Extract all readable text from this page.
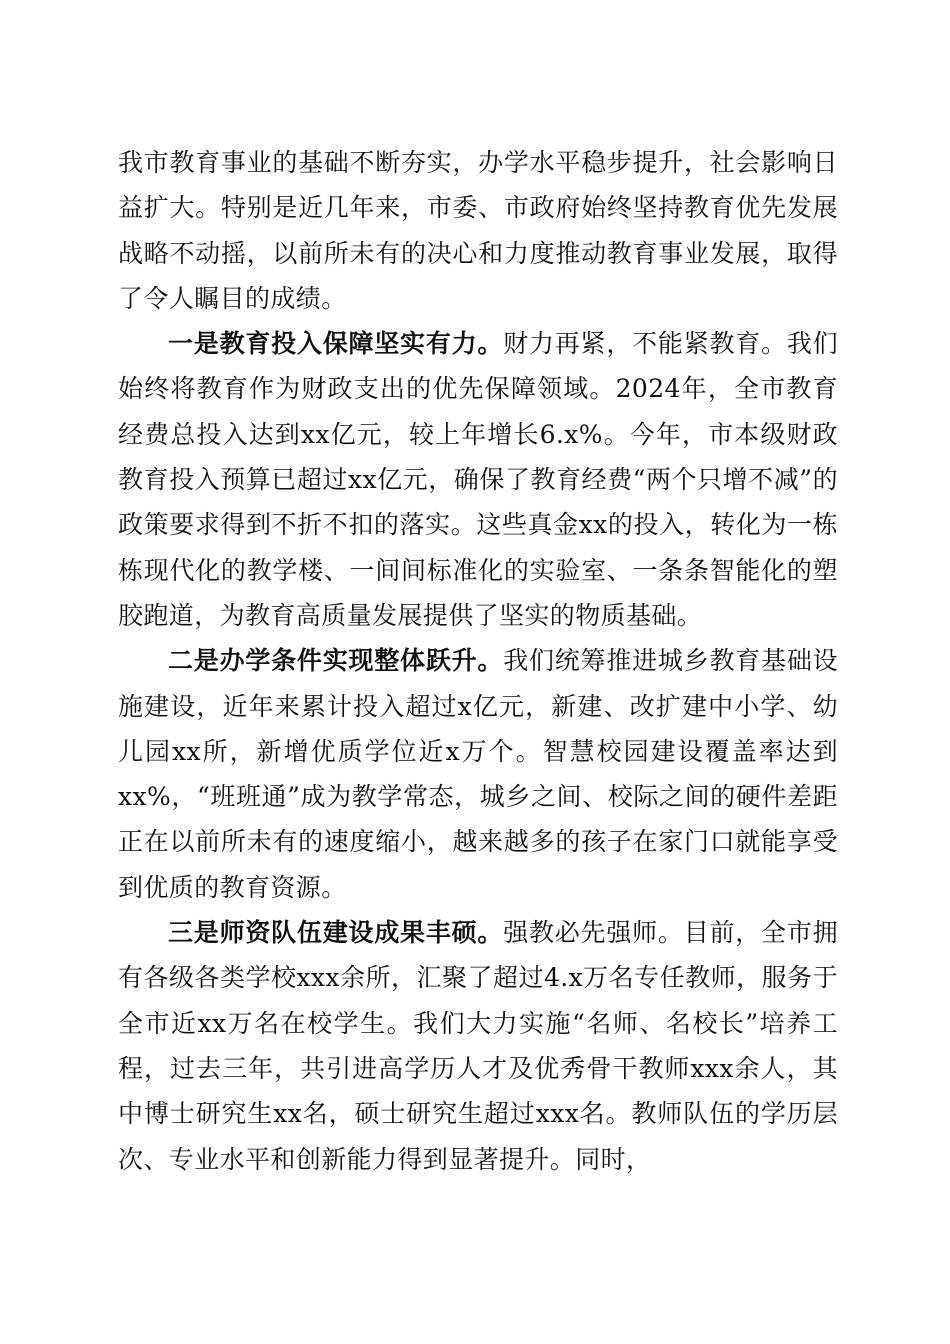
我市教育事业的基础不断夯实，办学水平稳步提升，社会影响日益扩大。特别是近几年来，市委、市政府始终坚持教育优先发展战略不动摇，以前所未有的决心和力度推动教育事业发展，取得了令人瞩目的成绩。

一是教育投入保障坚实有力。财力再紧，不能紧教育。我们始终将教育作为财政支出的优先保障领域。2024年，全市教育经费总投入达到xx亿元，较上年增长6.x%。今年，市本级财政教育投入预算已超过xx亿元，确保了教育经费“两个只增不减”的政策要求得到不折不扣的落实。这些真金xx的投入，转化为一栋栋现代化的教学楼、一间间标准化的实验室、一条条智能化的塑胶跑道，为教育高质量发展提供了坚实的物质基础。

二是办学条件实现整体跃升。我们统筹推进城乡教育基础设施建设，近年来累计投入超过x亿元，新建、改扩建中小学、幼儿园xx所，新增优质学位近x万个。智慧校园建设覆盖率达到xx%，“班班通”成为教学常态，城乡之间、校际之间的硬件差距正在以前所未有的速度缩小，越来越多的孩子在家门口就能享受到优质的教育资源。

三是师资队伍建设成果丰硕。强教必先强师。目前，全市拥有各级各类学校xxx余所，汇聚了超过4.x万名专任教师，服务于全市近xx万名在校学生。我们大力实施“名师、名校长”培养工程，过去三年，共引进高学历人才及优秀骨干教师xxx余人，其中博士研究生xx名，硕士研究生超过xxx名。教师队伍的学历层次、专业水平和创新能力得到显著提升。同时，
